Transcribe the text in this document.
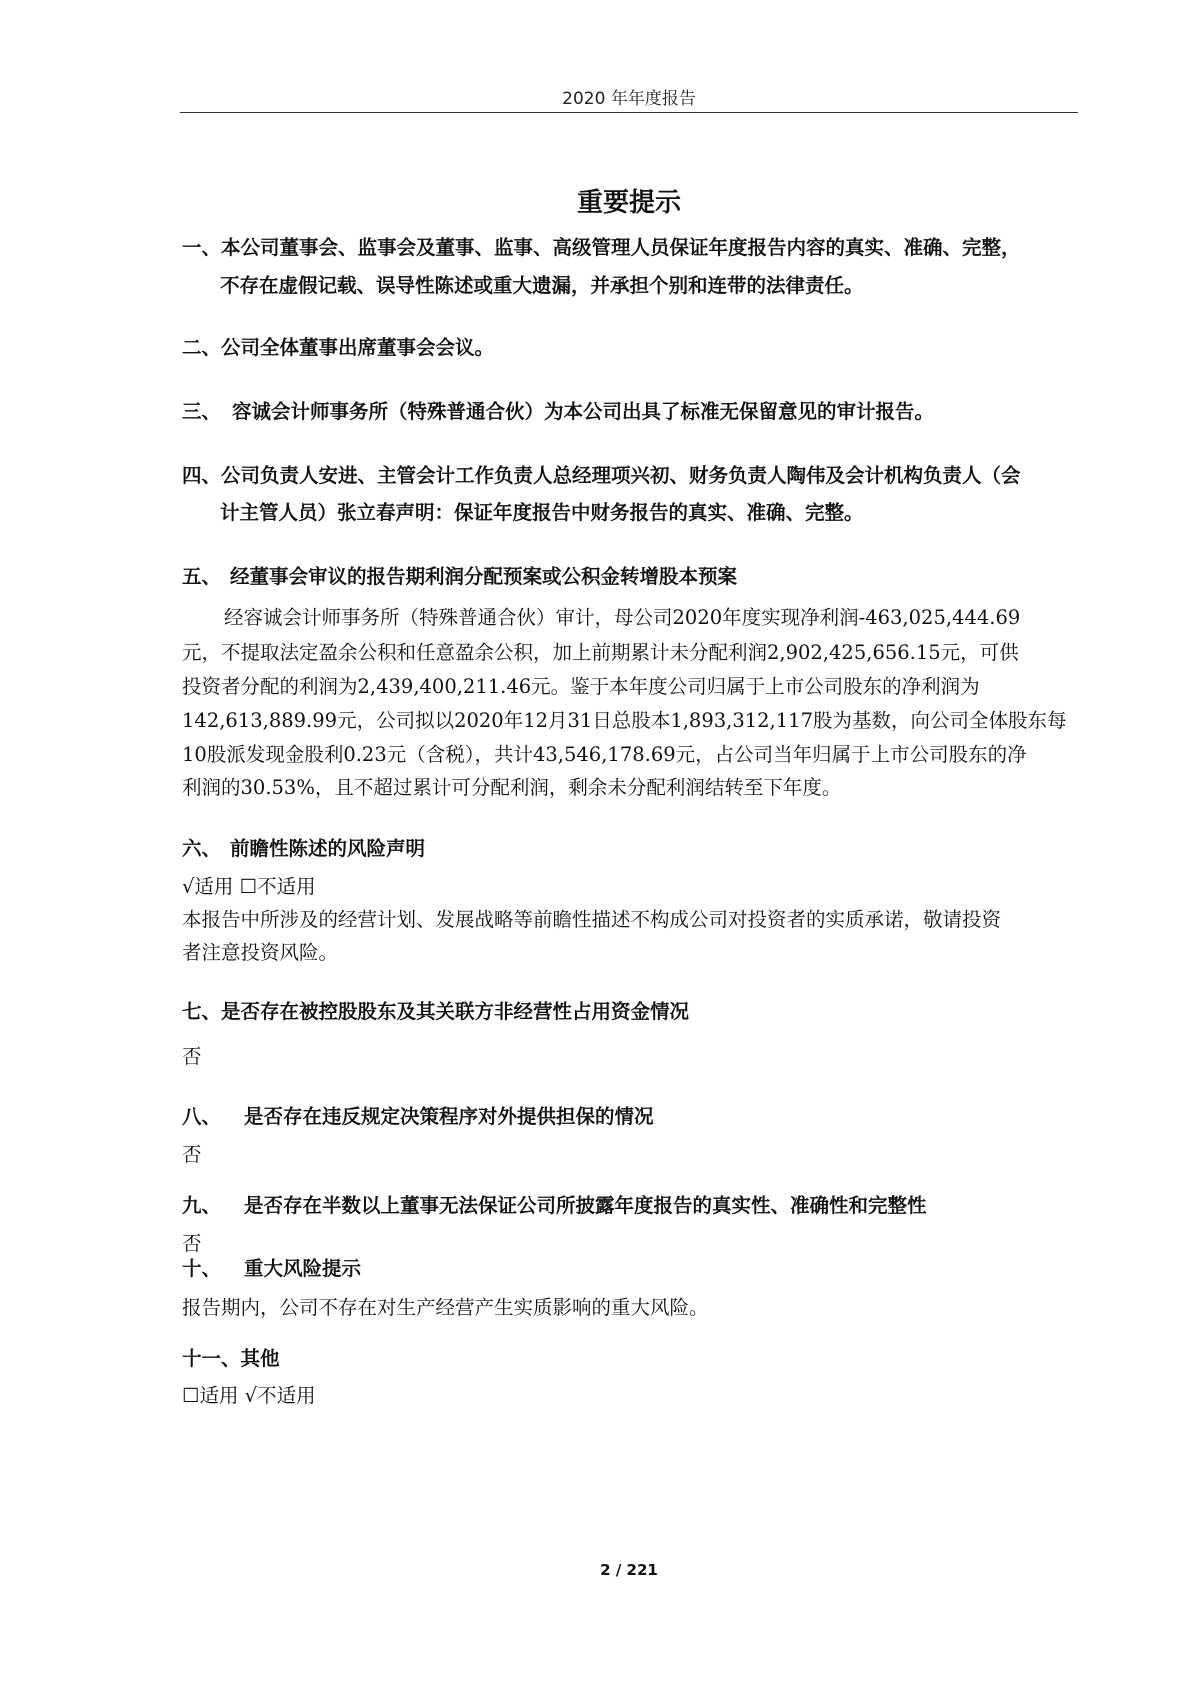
2020 年年度报告
重要提示
一、本公司董事会、监事会及董事、监事、高级管理人员保证年度报告内容的真实、准确、完整，
不存在虚假记载、误导性陈述或重大遗漏，并承担个别和连带的法律责任。
二、公司全体董事出席董事会会议。
三、 容诚会计师事务所（特殊普通合伙）为本公司出具了标准无保留意见的审计报告。
四、公司负责人安进、主管会计工作负责人总经理项兴初、财务负责人陶伟及会计机构负责人（会
计主管人员）张立春声明：保证年度报告中财务报告的真实、准确、完整。
五、 经董事会审议的报告期利润分配预案或公积金转增股本预案
经容诚会计师事务所（特殊普通合伙）审计，母公司2020年度实现净利润-463,025,444.69
元，不提取法定盈余公积和任意盈余公积，加上前期累计未分配利润2,902,425,656.15元，可供
投资者分配的利润为2,439,400,211.46元。鉴于本年度公司归属于上市公司股东的净利润为
142,613,889.99元，公司拟以2020年12月31日总股本1,893,312,117股为基数，向公司全体股东每
10股派发现金股利0.23元（含税），共计43,546,178.69元，占公司当年归属于上市公司股东的净
利润的30.53%，且不超过累计可分配利润，剩余未分配利润结转至下年度。
六、 前瞻性陈述的风险声明
√适用 ☐不适用
本报告中所涉及的经营计划、发展战略等前瞻性描述不构成公司对投资者的实质承诺，敬请投资
者注意投资风险。
七、是否存在被控股股东及其关联方非经营性占用资金情况
否
八、 是否存在违反规定决策程序对外提供担保的情况
否
九、 是否存在半数以上董事无法保证公司所披露年度报告的真实性、准确性和完整性
否
十、 重大风险提示
报告期内，公司不存在对生产经营产生实质影响的重大风险。
十一、其他
☐适用 √不适用
2 / 221
